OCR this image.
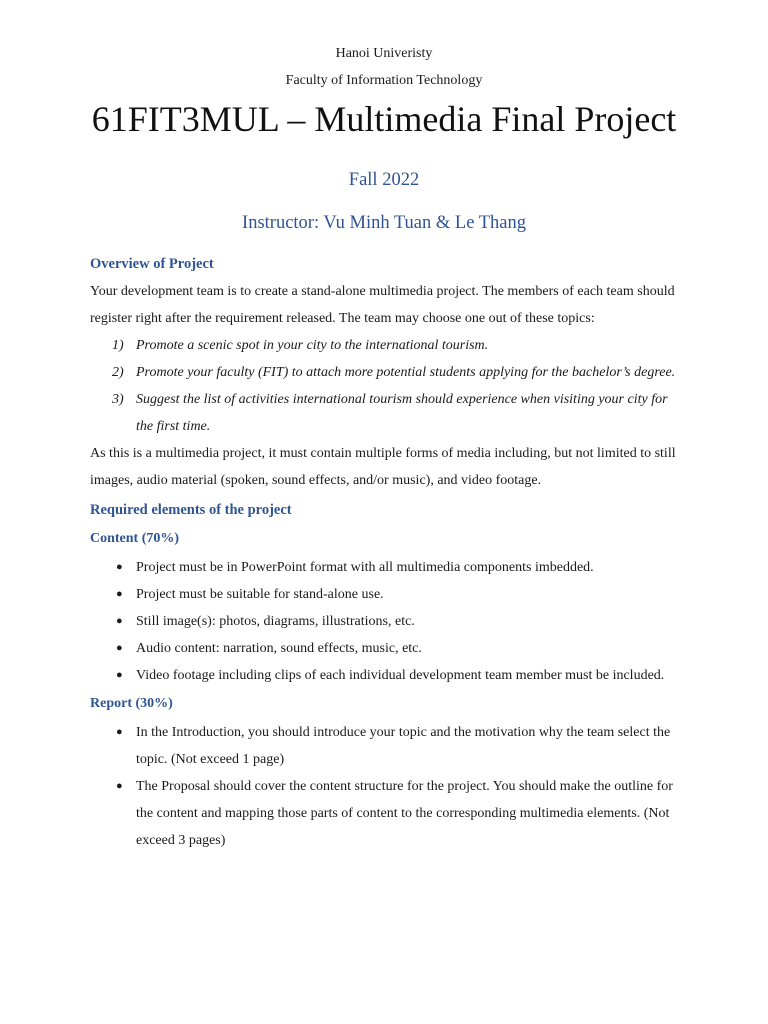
Hanoi Univeristy
Faculty of Information Technology
61FIT3MUL – Multimedia Final Project
Fall 2022
Instructor: Vu Minh Tuan & Le Thang
Overview of Project

Your development team is to create a stand-alone multimedia project. The members of each team should register right after the requirement released. The team may choose one out of these topics:

1) Promote a scenic spot in your city to the international tourism.
2) Promote your faculty (FIT) to attach more potential students applying for the bachelor’s degree.
3) Suggest the list of activities international tourism should experience when visiting your city for the first time.

As this is a multimedia project, it must contain multiple forms of media including, but not limited to still images, audio material (spoken, sound effects, and/or music), and video footage.

Required elements of the project
Content (70%)
● Project must be in PowerPoint format with all multimedia components imbedded.
● Project must be suitable for stand-alone use.
● Still image(s): photos, diagrams, illustrations, etc.
● Audio content: narration, sound effects, music, etc.
● Video footage including clips of each individual development team member must be included.
Report (30%)
● In the Introduction, you should introduce your topic and the motivation why the team select the topic. (Not exceed 1 page)
● The Proposal should cover the content structure for the project. You should make the outline for the content and mapping those parts of content to the corresponding multimedia elements. (Not exceed 3 pages)
